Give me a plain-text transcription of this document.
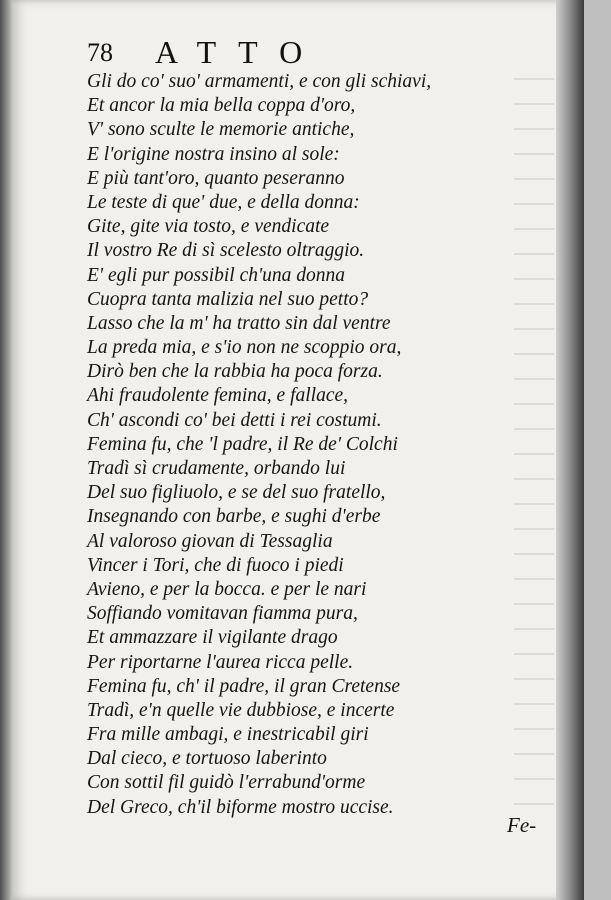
78 ATTO
Gli do co' suo' armamenti, e con gli schiavi,
Et ancor la mia bella coppa d'oro,
V' sono sculte le memorie antiche,
E l'origine nostra insino al sole:
E più tant'oro, quanto peseranno
Le teste di que' due, e della donna:
Gite, gite via tosto, e vendicate
Il vostro Re di sì scelesto oltraggio.
E' egli pur possibil ch'una donna
Cuopra tanta malizia nel suo petto?
Lasso che la m' ha tratto sin dal ventre
La preda mia, e s'io non ne scoppio ora,
Dirò ben che la rabbia ha poca forza.
Ahi fraudolente femina, e fallace,
Ch' ascondi co' bei detti i rei costumi.
Femina fu, che 'l padre, il Re de' Colchi
Tradì sì crudamente, orbando lui
Del suo figliuolo, e se del suo fratello,
Insegnando con barbe, e sughi d'erbe
Al valoroso giovan di Tessaglia
Vincer i Tori, che di fuoco i piedi
Avieno, e per la bocca. e per le nari
Soffiando vomitavan fiamma pura,
Et ammazzare il vigilante drago
Per riportarne l'aurea ricca pelle.
Femina fu, ch' il padre, il gran Cretense
Tradì, e'n quelle vie dubbiose, e incerte
Fra mille ambagi, e inestricabil giri
Dal cieco, e tortuoso laberinto
Con sottil fil guidò l'errabund'orme
Del Greco, ch'il biforme mostro uccise.
Fe-
